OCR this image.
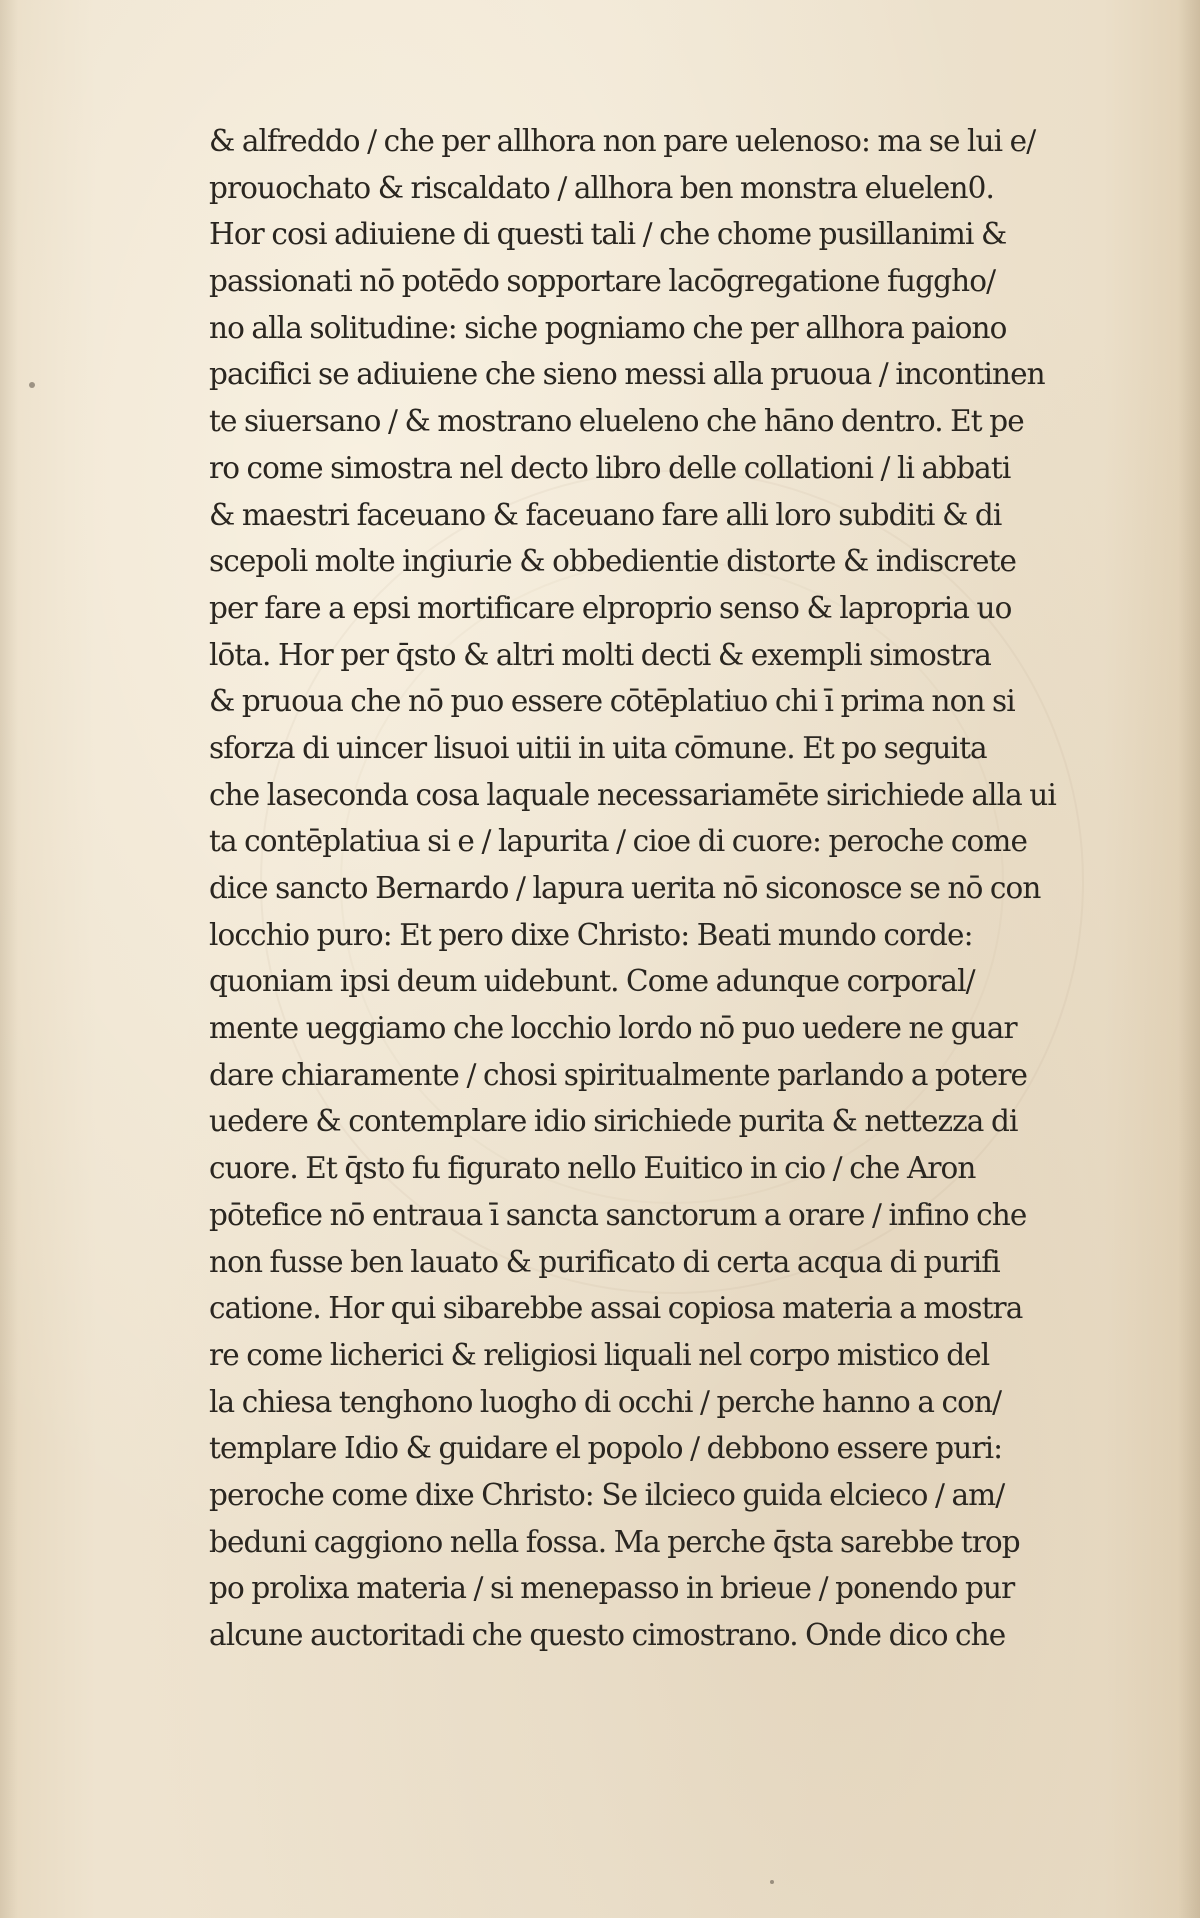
& alfreddo / che per allhora non pare uelenoso: ma se lui e/
prouochato & riscaldato / allhora ben monstra eluelen0.
Hor cosi adiuiene di questi tali / che chome pusillanimi &
passionati nō potēdo sopportare lacōgregatione fuggho/
no alla solitudine: siche pogniamo che per allhora paiono
pacifici se adiuiene che sieno messi alla pruoua / incontinen
te siuersano / & mostrano elueleno che hāno dentro. Et pe
ro come simostra nel decto libro delle collationi / li abbati
& maestri faceuano & faceuano fare alli loro subditi & di
scepoli molte ingiurie & obbedientie distorte & indiscrete
per fare a epsi mortificare elproprio senso & lapropria uo
lōta. Hor per q̄sto & altri molti decti & exempli simostra
& pruoua che nō puo essere cōtēplatiuo chi ī prima non si
sforza di uincer lisuoi uitii in uita cōmune. Et po seguita
che laseconda cosa laquale necessariamēte sirichiede alla ui
ta contēplatiua si e / lapurita / cioe di cuore: peroche come
dice sancto Bernardo / lapura uerita nō siconosce se nō con
locchio puro: Et pero dixe Christo: Beati mundo corde:
quoniam ipsi deum uidebunt. Come adunque corporal/
mente ueggiamo che locchio lordo nō puo uedere ne guar
dare chiaramente / chosi spiritualmente parlando a potere
uedere & contemplare idio sirichiede purita & nettezza di
cuore. Et q̄sto fu figurato nello Euitico in cio / che Aron
pōtefice nō entraua ī sancta sanctorum a orare / infino che
non fusse ben lauato & purificato di certa acqua di purifi
catione. Hor qui sibarebbe assai copiosa materia a mostra
re come licherici & religiosi liquali nel corpo mistico del
la chiesa tenghono luogho di occhi / perche hanno a con/
templare Idio & guidare el popolo / debbono essere puri:
peroche come dixe Christo: Se ilcieco guida elcieco / am/
beduni caggiono nella fossa. Ma perche q̄sta sarebbe trop
po prolixa materia / si menepasso in brieue / ponendo pur
alcune auctoritadi che questo cimostrano. Onde dico che
